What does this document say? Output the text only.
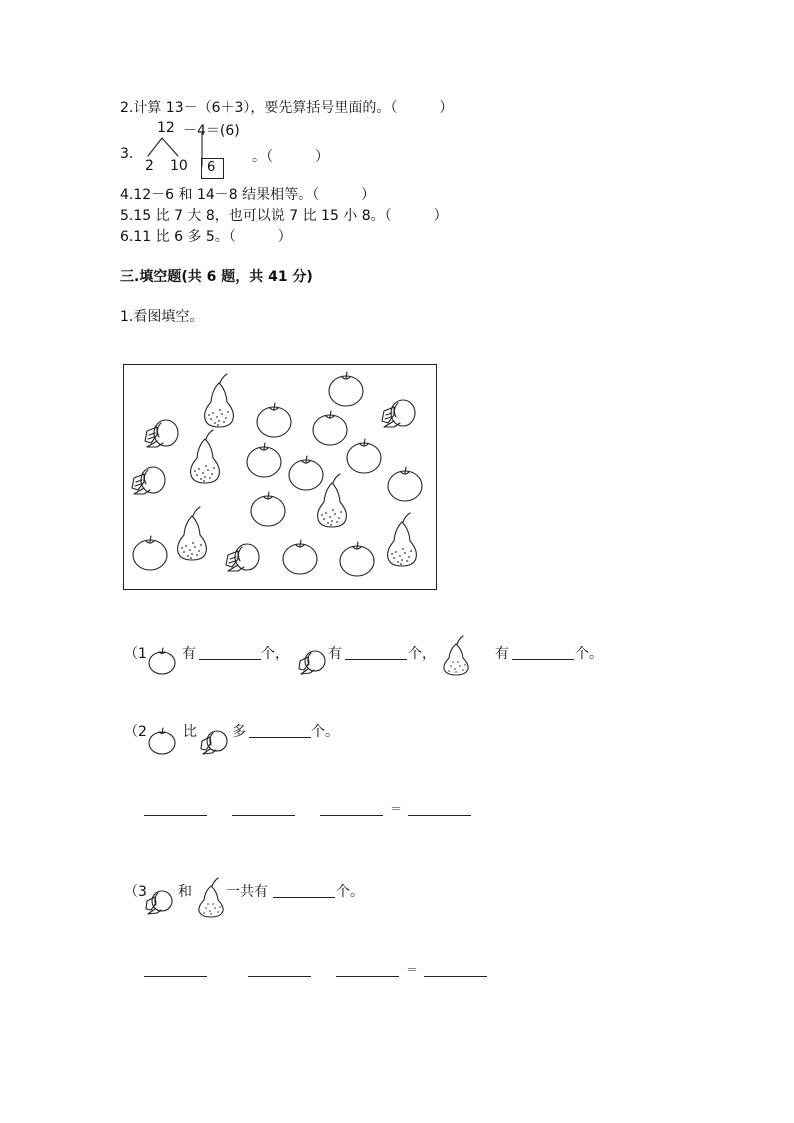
2.计算 13－（6＋3），要先算括号里面的。（　　　）
3.
12 －4＝(6)
2 10 6
。（　　　）
4.12－6 和 14－8 结果相等。（　　　）
5.15 比 7 大 8，也可以说 7 比 15 小 8。（　　　）
6.11 比 6 多 5。（　　　）
三.填空题(共 6 题，共 41 分)
1.看图填空。
（1	有	个，	有	个，	有	个。
（2	比	多	个。
＝
（3 和 一共有	个。
＝
